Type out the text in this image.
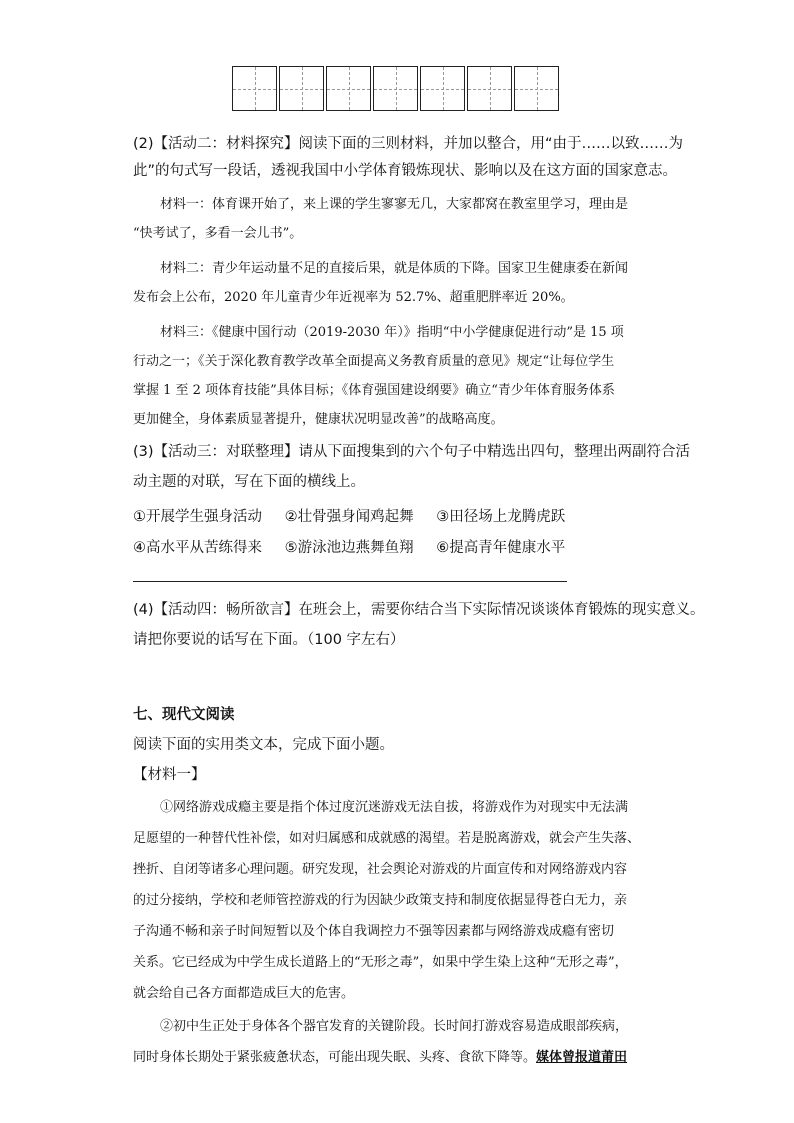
(2)【活动二：材料探究】阅读下面的三则材料，并加以整合，用“由于……以致……为
此”的句式写一段话，透视我国中小学体育锻炼现状、影响以及在这方面的国家意志。
材料一：体育课开始了，来上课的学生寥寥无几，大家都窝在教室里学习，理由是
“快考试了，多看一会儿书”。
材料二：青少年运动量不足的直接后果，就是体质的下降。国家卫生健康委在新闻
发布会上公布，2020 年儿童青少年近视率为 52.7%、超重肥胖率近 20%。
材料三：《健康中国行动（2019-2030 年）》指明“中小学健康促进行动”是 15 项
行动之一；《关于深化教育教学改革全面提高义务教育质量的意见》规定“让每位学生
掌握 1 至 2 项体育技能”具体目标；《体育强国建设纲要》确立“青少年体育服务体系
更加健全，身体素质显著提升，健康状况明显改善”的战略高度。
(3)【活动三：对联整理】请从下面搜集到的六个句子中精选出四句，整理出两副符合活
动主题的对联，写在下面的横线上。
①开展学生强身活动 ②壮骨强身闻鸡起舞 ③田径场上龙腾虎跃
④高水平从苦练得来 ⑤游泳池边燕舞鱼翔 ⑥提高青年健康水平
(4)【活动四：畅所欲言】在班会上，需要你结合当下实际情况谈谈体育锻炼的现实意义。
请把你要说的话写在下面。（100 字左右）
七、现代文阅读
阅读下面的实用类文本，完成下面小题。
【材料一】
①网络游戏成瘾主要是指个体过度沉迷游戏无法自拔，将游戏作为对现实中无法满
足愿望的一种替代性补偿，如对归属感和成就感的渴望。若是脱离游戏，就会产生失落、
挫折、自闭等诸多心理问题。研究发现，社会舆论对游戏的片面宣传和对网络游戏内容
的过分接纳，学校和老师管控游戏的行为因缺少政策支持和制度依据显得苍白无力，亲
子沟通不畅和亲子时间短暂以及个体自我调控力不强等因素都与网络游戏成瘾有密切
关系。它已经成为中学生成长道路上的“无形之毒”，如果中学生染上这种“无形之毒”，
就会给自己各方面都造成巨大的危害。
②初中生正处于身体各个器官发育的关键阶段。长时间打游戏容易造成眼部疾病，
同时身体长期处于紧张疲惫状态，可能出现失眠、头疼、食欲下降等。媒体曾报道莆田
